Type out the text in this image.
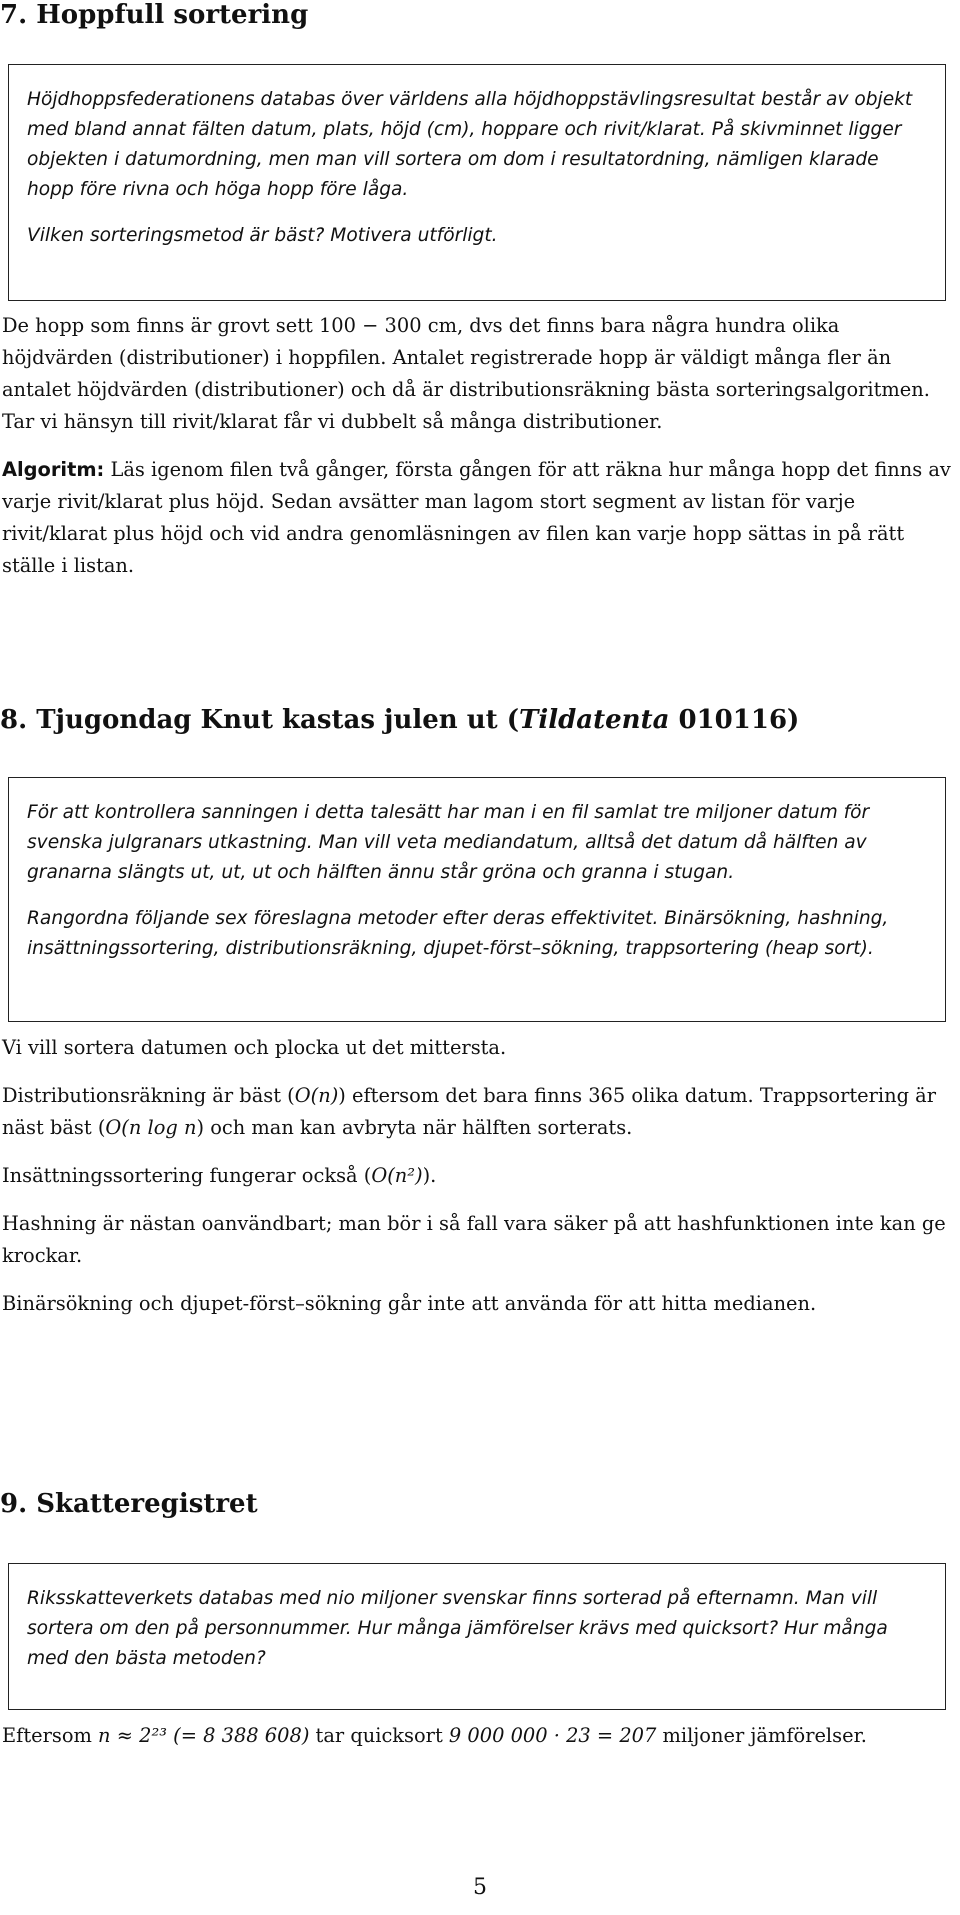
7. Hoppfull sortering

Höjdhoppsfederationens databas över världens alla höjdhoppstävlingsresultat består av objekt med bland annat fälten datum, plats, höjd (cm), hoppare och rivit/klarat. På skivminnet ligger objekten i datumordning, men man vill sortera om dom i resultatordning, nämligen klarade hopp före rivna och höga hopp före låga.

Vilken sorteringsmetod är bäst? Motivera utförligt.

De hopp som finns är grovt sett 100 − 300 cm, dvs det finns bara några hundra olika höjdvärden (distributioner) i hoppfilen. Antalet registrerade hopp är väldigt många fler än antalet höjdvärden (distributioner) och då är distributionsräkning bästa sorteringsalgoritmen. Tar vi hänsyn till rivit/klarat får vi dubbelt så många distributioner.

Algoritm: Läs igenom filen två gånger, första gången för att räkna hur många hopp det finns av varje rivit/klarat plus höjd. Sedan avsätter man lagom stort segment av listan för varje rivit/klarat plus höjd och vid andra genomläsningen av filen kan varje hopp sättas in på rätt ställe i listan.

8. Tjugondag Knut kastas julen ut (Tildatenta 010116)

För att kontrollera sanningen i detta talesätt har man i en fil samlat tre miljoner datum för svenska julgranars utkastning. Man vill veta mediandatum, alltså det datum då hälften av granarna slängts ut, ut, ut och hälften ännu står gröna och granna i stugan.

Rangordna följande sex föreslagna metoder efter deras effektivitet. Binärsökning, hashning, insättningssortering, distributionsräkning, djupet-först–sökning, trappsortering (heap sort).

Vi vill sortera datumen och plocka ut det mittersta.

Distributionsräkning är bäst (O(n)) eftersom det bara finns 365 olika datum. Trappsortering är näst bäst (O(n log n) och man kan avbryta när hälften sorterats.

Insättningssortering fungerar också (O(n²)).

Hashning är nästan oanvändbart; man bör i så fall vara säker på att hashfunktionen inte kan ge krockar.

Binärsökning och djupet-först–sökning går inte att använda för att hitta medianen.

9. Skatteregistret

Riksskatteverkets databas med nio miljoner svenskar finns sorterad på efternamn. Man vill sortera om den på personnummer. Hur många jämförelser krävs med quicksort? Hur många med den bästa metoden?

Eftersom n ≈ 2²³ (= 8 388 608) tar quicksort 9 000 000 · 23 = 207 miljoner jämförelser.

5
